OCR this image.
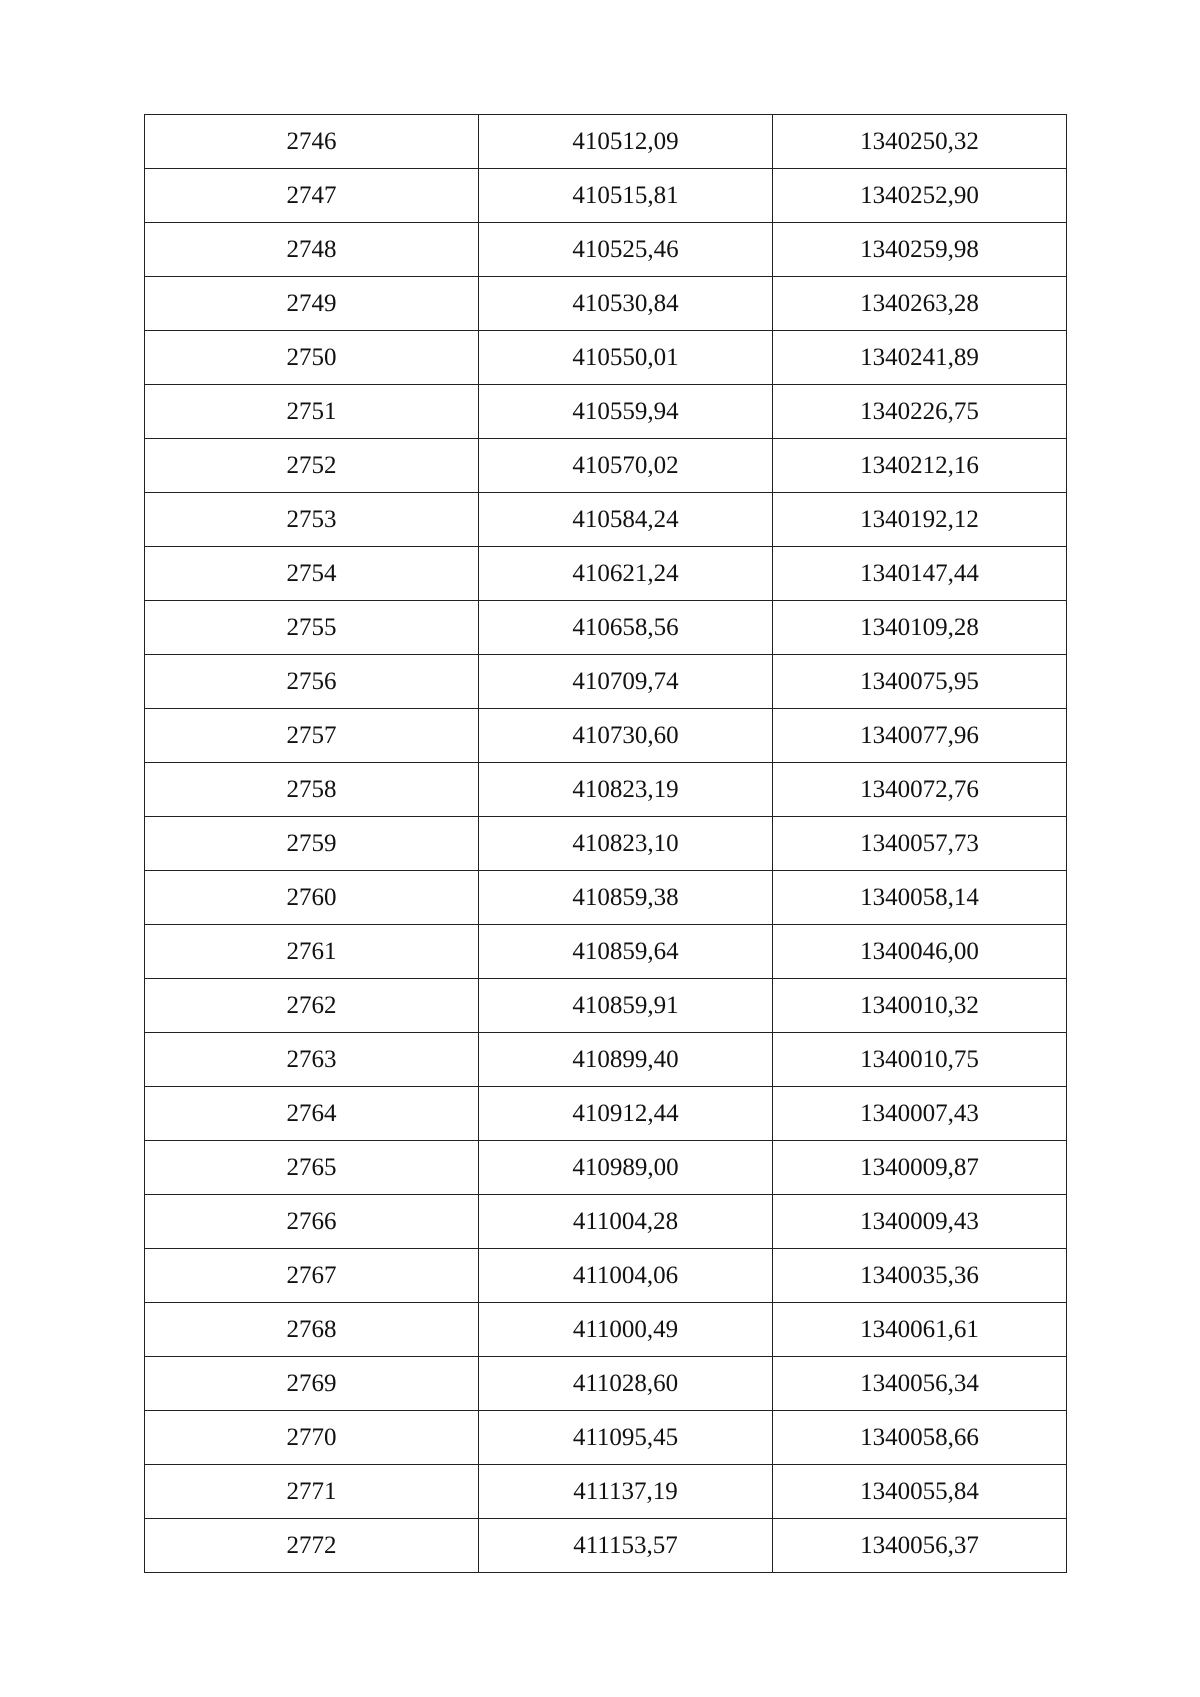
2746	410512,09	1340250,32
2747	410515,81	1340252,90
2748	410525,46	1340259,98
2749	410530,84	1340263,28
2750	410550,01	1340241,89
2751	410559,94	1340226,75
2752	410570,02	1340212,16
2753	410584,24	1340192,12
2754	410621,24	1340147,44
2755	410658,56	1340109,28
2756	410709,74	1340075,95
2757	410730,60	1340077,96
2758	410823,19	1340072,76
2759	410823,10	1340057,73
2760	410859,38	1340058,14
2761	410859,64	1340046,00
2762	410859,91	1340010,32
2763	410899,40	1340010,75
2764	410912,44	1340007,43
2765	410989,00	1340009,87
2766	411004,28	1340009,43
2767	411004,06	1340035,36
2768	411000,49	1340061,61
2769	411028,60	1340056,34
2770	411095,45	1340058,66
2771	411137,19	1340055,84
2772	411153,57	1340056,37
